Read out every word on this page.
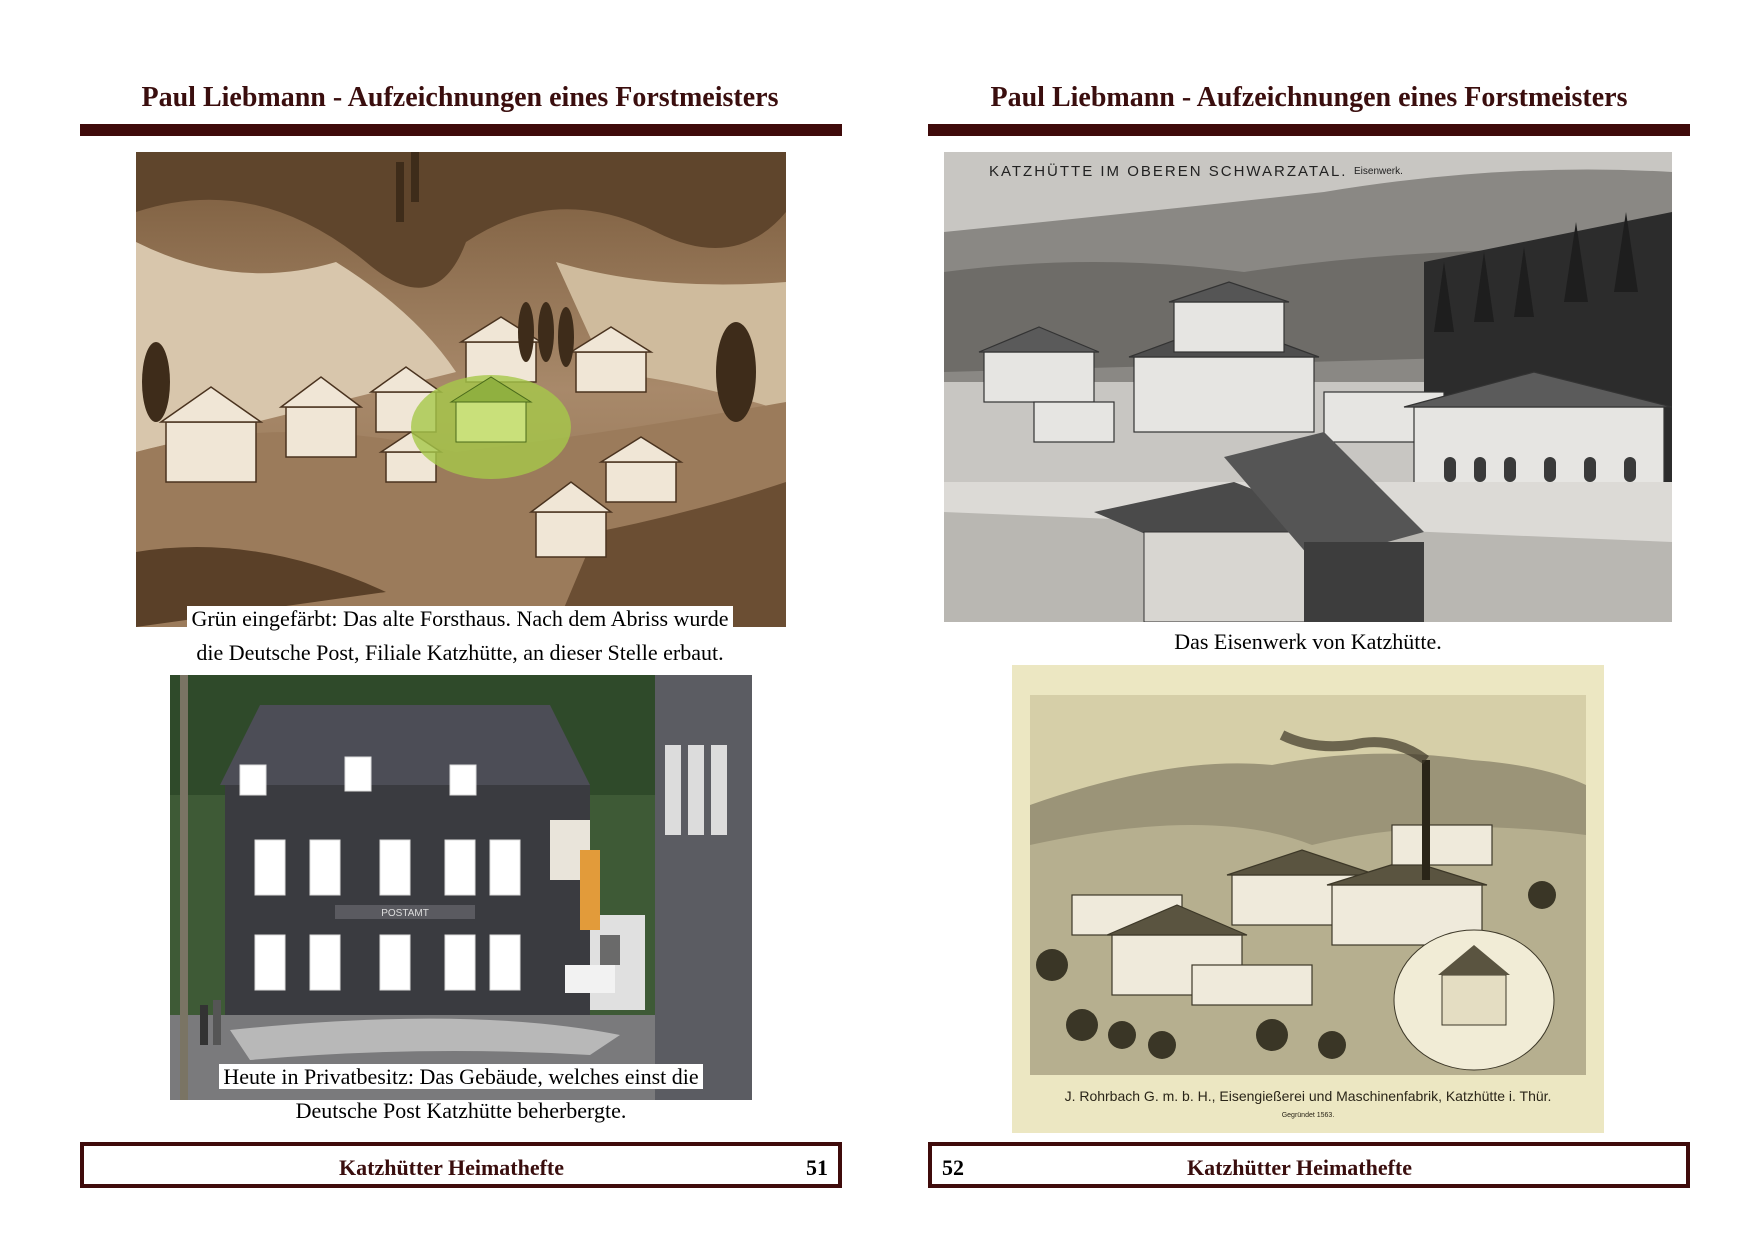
Paul Liebmann - Aufzeichnungen eines Forstmeisters
Grün eingefärbt: Das alte Forsthaus. Nach dem Abriss wurde
die Deutsche Post, Filiale Katzhütte, an dieser Stelle erbaut.
POSTAMT
Heute in Privatbesitz: Das Gebäude, welches einst die
Deutsche Post Katzhütte beherbergte.
Katzhütter Heimathefte	51
Paul Liebmann - Aufzeichnungen eines Forstmeisters
KATZHÜTTE IM OBEREN SCHWARZATAL. Eisenwerk.
Das Eisenwerk von Katzhütte.
J. Rohrbach G. m. b. H., Eisengießerei und Maschinenfabrik, Katzhütte i. Thür.
Gegründet 1563.
52	Katzhütter Heimathefte
